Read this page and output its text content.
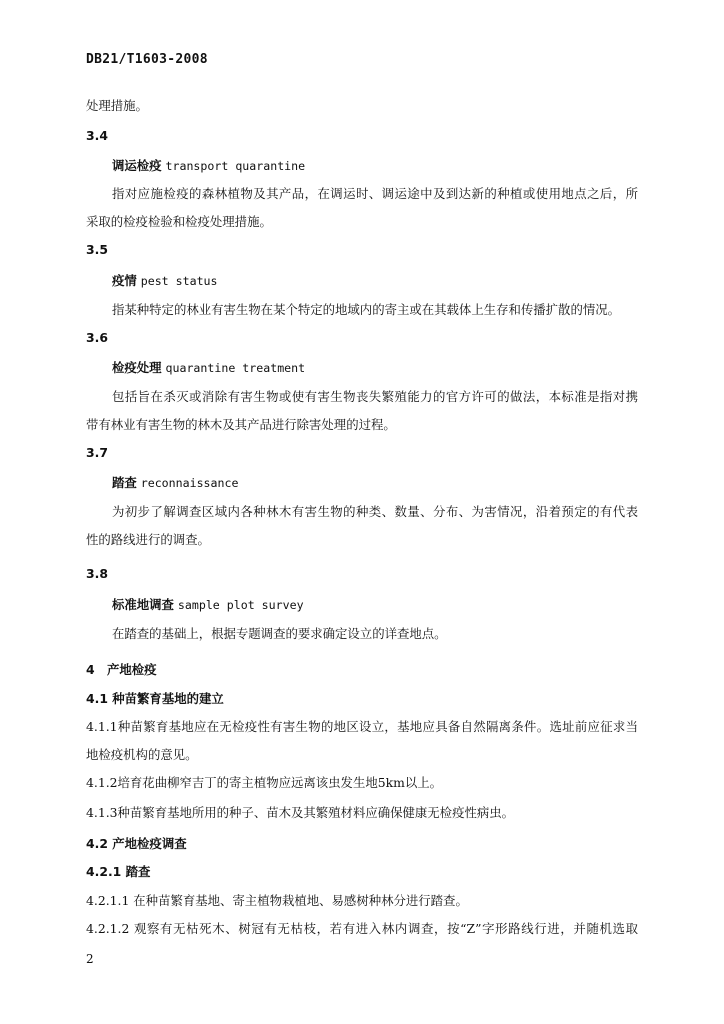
DB21/T1603-2008
处理措施。
3.4
调运检疫 transport quarantine
指对应施检疫的森林植物及其产品，在调运时、调运途中及到达新的种植或使用地点之后，所
采取的检疫检验和检疫处理措施。
3.5
疫情 pest status
指某种特定的林业有害生物在某个特定的地域内的寄主或在其载体上生存和传播扩散的情况。
3.6
检疫处理 quarantine treatment
包括旨在杀灭或消除有害生物或使有害生物丧失繁殖能力的官方许可的做法，本标准是指对携
带有林业有害生物的林木及其产品进行除害处理的过程。
3.7
踏查 reconnaissance
为初步了解调查区域内各种林木有害生物的种类、数量、分布、为害情况，沿着预定的有代表
性的路线进行的调查。
3.8
标准地调查 sample plot survey
在踏查的基础上，根据专题调查的要求确定设立的详查地点。
4　产地检疫
4.1 种苗繁育基地的建立
4.1.1种苗繁育基地应在无检疫性有害生物的地区设立，基地应具备自然隔离条件。选址前应征求当
地检疫机构的意见。
4.1.2培育花曲柳窄吉丁的寄主植物应远离该虫发生地5km以上。
4.1.3种苗繁育基地所用的种子、苗木及其繁殖材料应确保健康无检疫性病虫。
4.2 产地检疫调查
4.2.1 踏查
4.2.1.1 在种苗繁育基地、寄主植物栽植地、易感树种林分进行踏查。
4.2.1.2 观察有无枯死木、树冠有无枯枝，若有进入林内调查，按“Z”字形路线行进，并随机选取
2
